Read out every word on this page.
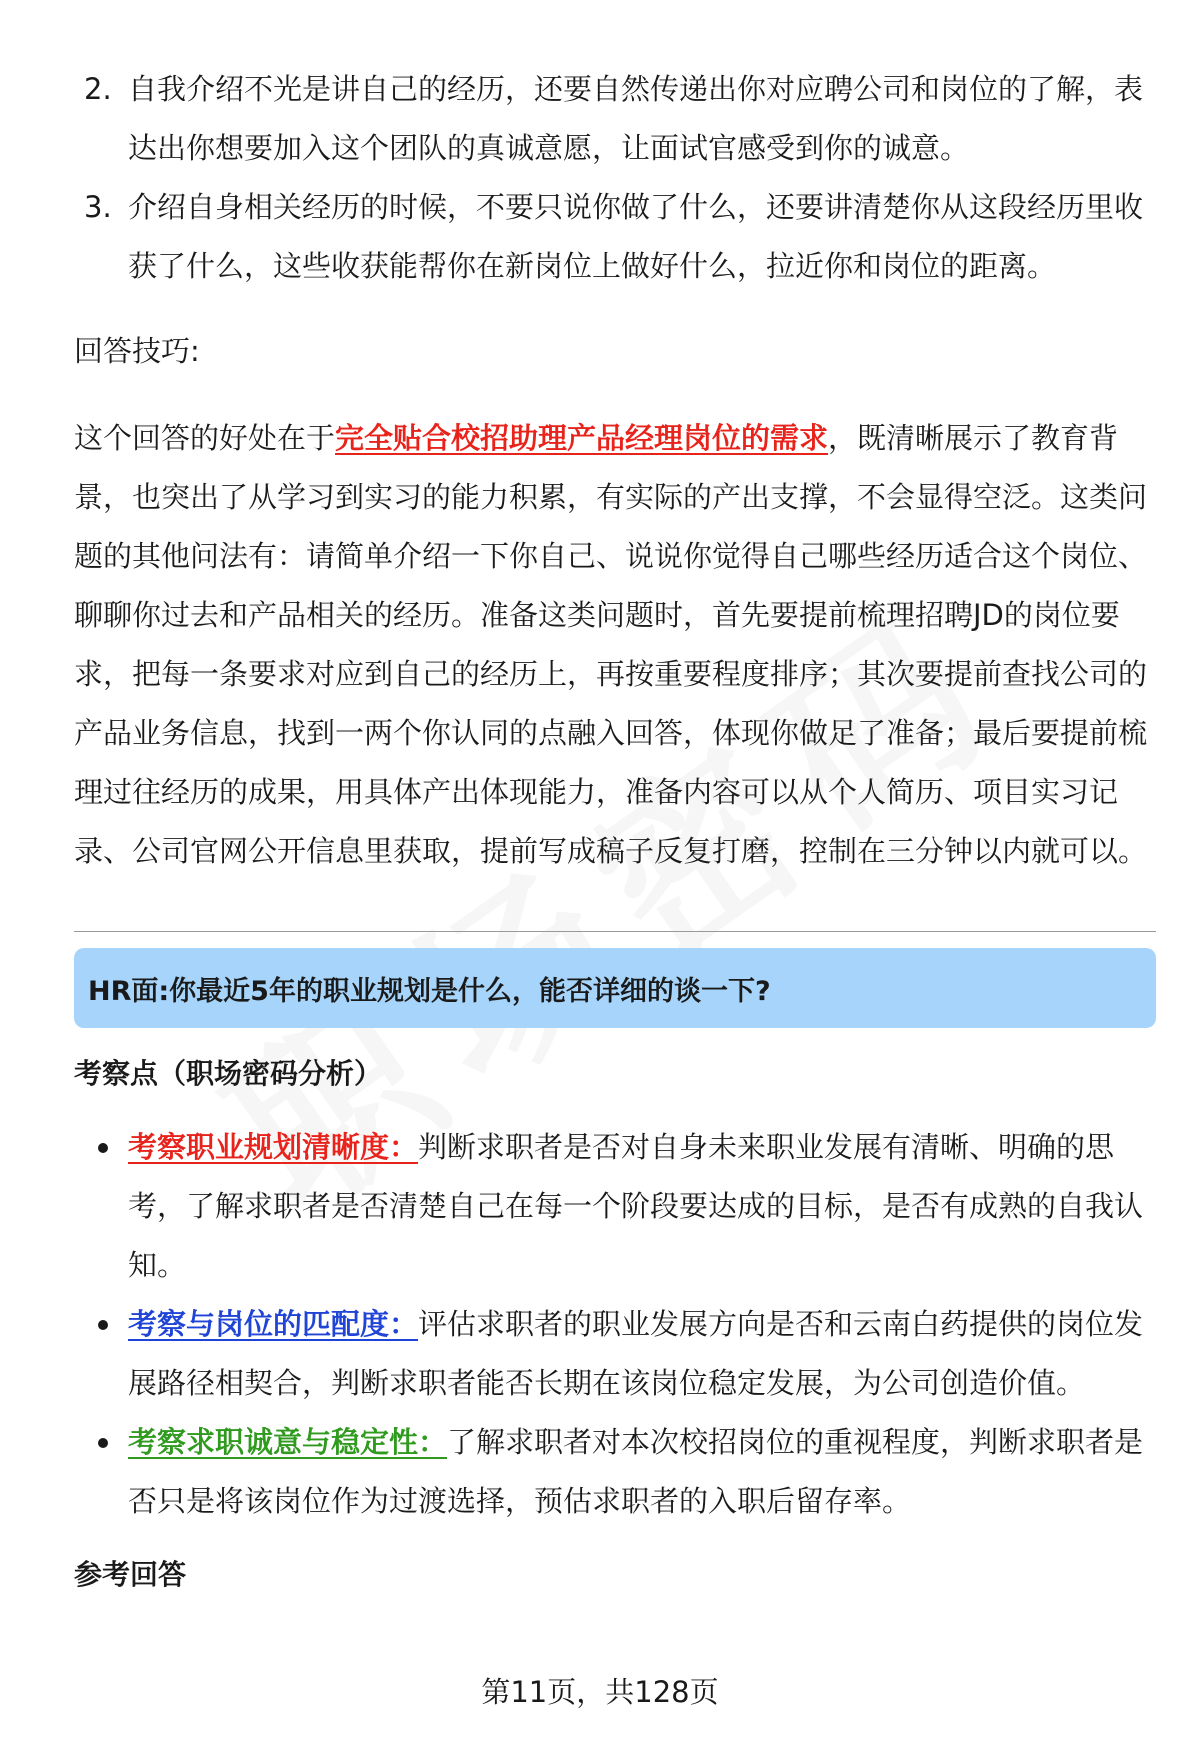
2. 自我介绍不光是讲自己的经历，还要自然传递出你对应聘公司和岗位的了解，表达出你想要加入这个团队的真诚意愿，让面试官感受到你的诚意。
3. 介绍自身相关经历的时候，不要只说你做了什么，还要讲清楚你从这段经历里收获了什么，这些收获能帮你在新岗位上做好什么，拉近你和岗位的距离。

回答技巧:

这个回答的好处在于完全贴合校招助理产品经理岗位的需求，既清晰展示了教育背景，也突出了从学习到实习的能力积累，有实际的产出支撑，不会显得空泛。这类问题的其他问法有：请简单介绍一下你自己、说说你觉得自己哪些经历适合这个岗位、聊聊你过去和产品相关的经历。准备这类问题时，首先要提前梳理招聘JD的岗位要求，把每一条要求对应到自己的经历上，再按重要程度排序；其次要提前查找公司的产品业务信息，找到一两个你认同的点融入回答，体现你做足了准备；最后要提前梳理过往经历的成果，用具体产出体现能力，准备内容可以从个人简历、项目实习记录、公司官网公开信息里获取，提前写成稿子反复打磨，控制在三分钟以内就可以。

HR面:你最近5年的职业规划是什么，能否详细的谈一下?

考察点（职场密码分析）

考察职业规划清晰度：判断求职者是否对自身未来职业发展有清晰、明确的思考，了解求职者是否清楚自己在每一个阶段要达成的目标，是否有成熟的自我认知。
考察与岗位的匹配度：评估求职者的职业发展方向是否和云南白药提供的岗位发展路径相契合，判断求职者能否长期在该岗位稳定发展，为公司创造价值。
考察求职诚意与稳定性：了解求职者对本次校招岗位的重视程度，判断求职者是否只是将该岗位作为过渡选择，预估求职者的入职后留存率。

参考回答

第11页，共128页
